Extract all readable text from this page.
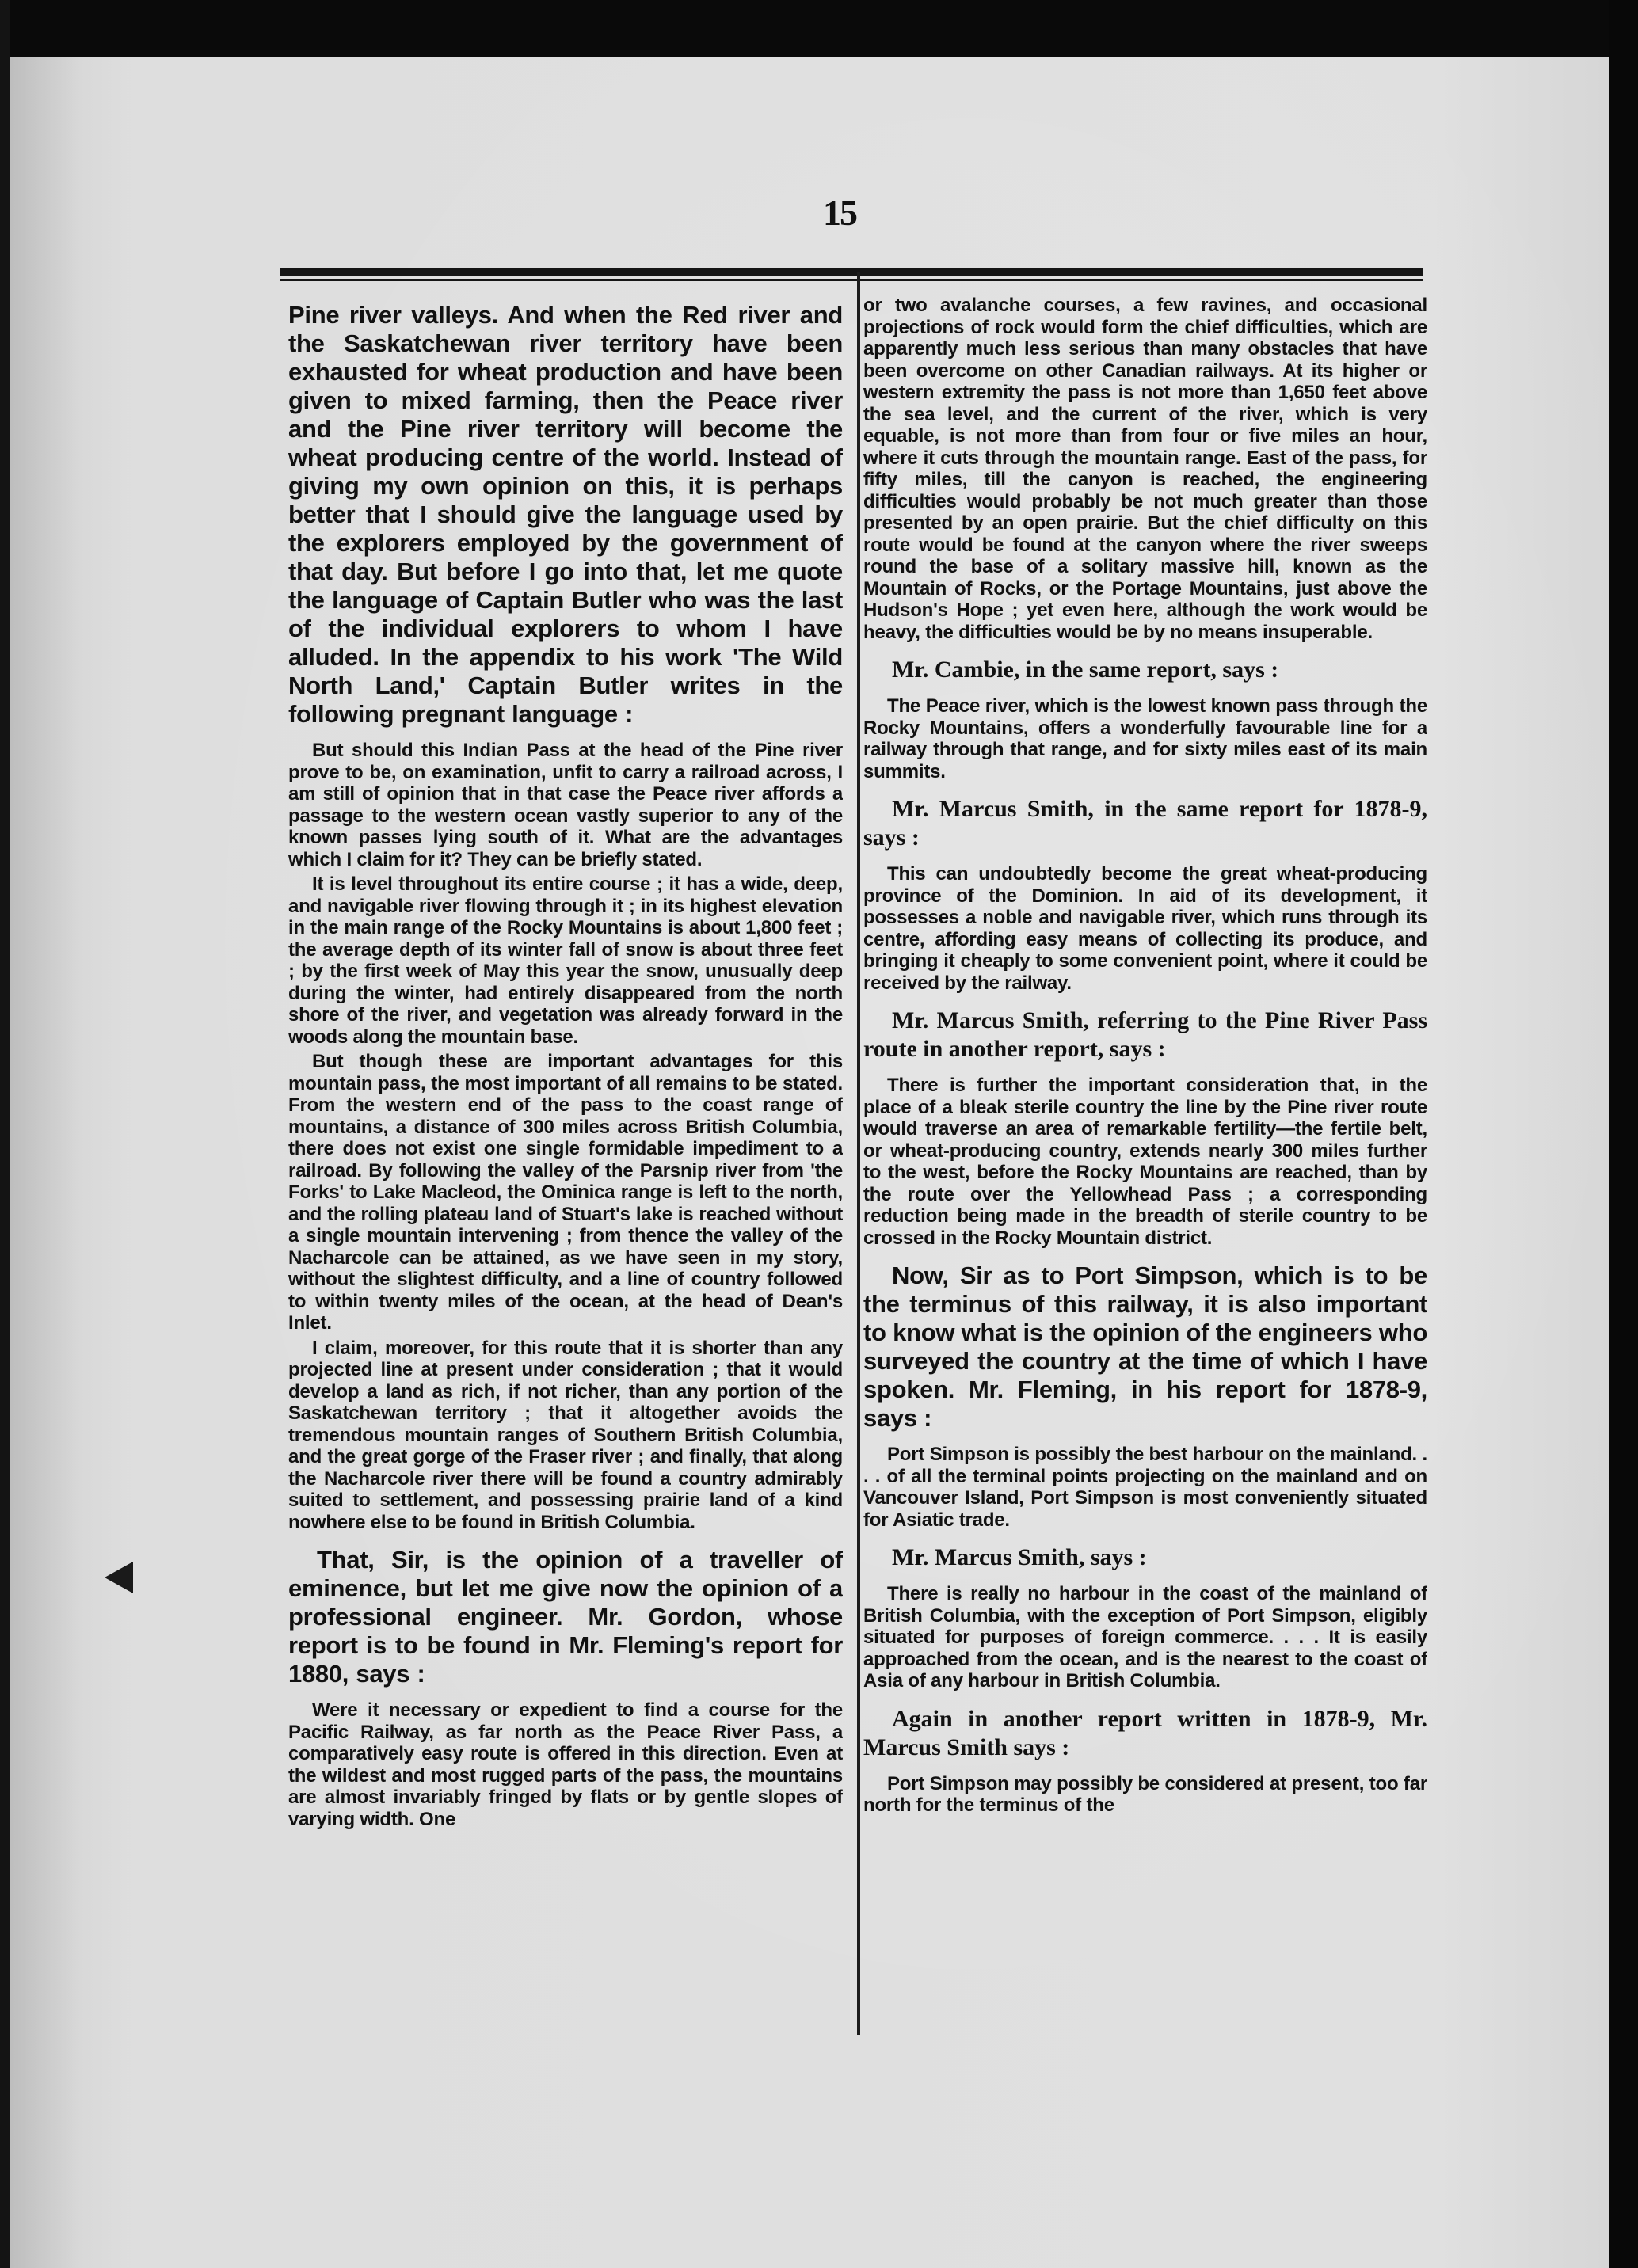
15

Pine river valleys. And when the Red river and the Saskatchewan river territory have been exhausted for wheat production and have been given to mixed farming, then the Peace river and the Pine river territory will become the wheat producing centre of the world. Instead of giving my own opinion on this, it is perhaps better that I should give the language used by the explorers employed by the government of that day. But before I go into that, let me quote the language of Captain Butler who was the last of the individual explorers to whom I have alluded. In the appendix to his work 'The Wild North Land,' Captain Butler writes in the following pregnant language :

But should this Indian Pass at the head of the Pine river prove to be, on examination, unfit to carry a railroad across, I am still of opinion that in that case the Peace river affords a passage to the western ocean vastly superior to any of the known passes lying south of it. What are the advantages which I claim for it? They can be briefly stated.

It is level throughout its entire course ; it has a wide, deep, and navigable river flowing through it ; in its highest elevation in the main range of the Rocky Mountains is about 1,800 feet ; the average depth of its winter fall of snow is about three feet ; by the first week of May this year the snow, unusually deep during the winter, had entirely disappeared from the north shore of the river, and vegetation was already forward in the woods along the mountain base.

But though these are important advantages for this mountain pass, the most important of all remains to be stated. From the western end of the pass to the coast range of mountains, a distance of 300 miles across British Columbia, there does not exist one single formidable impediment to a railroad. By following the valley of the Parsnip river from 'the Forks' to Lake Macleod, the Ominica range is left to the north, and the rolling plateau land of Stuart's lake is reached without a single mountain intervening ; from thence the valley of the Nacharcole can be attained, as we have seen in my story, without the slightest difficulty, and a line of country followed to within twenty miles of the ocean, at the head of Dean's Inlet.

I claim, moreover, for this route that it is shorter than any projected line at present under consideration ; that it would develop a land as rich, if not richer, than any portion of the Saskatchewan territory ; that it altogether avoids the tremendous mountain ranges of Southern British Columbia, and the great gorge of the Fraser river ; and finally, that along the Nacharcole river there will be found a country admirably suited to settlement, and possessing prairie land of a kind nowhere else to be found in British Columbia.

That, Sir, is the opinion of a traveller of eminence, but let me give now the opinion of a professional engineer. Mr. Gordon, whose report is to be found in Mr. Fleming's report for 1880, says :

Were it necessary or expedient to find a course for the Pacific Railway, as far north as the Peace River Pass, a comparatively easy route is offered in this direction. Even at the wildest and most rugged parts of the pass, the mountains are almost invariably fringed by flats or by gentle slopes of varying width. One

or two avalanche courses, a few ravines, and occasional projections of rock would form the chief difficulties, which are apparently much less serious than many obstacles that have been overcome on other Canadian railways. At its higher or western extremity the pass is not more than 1,650 feet above the sea level, and the current of the river, which is very equable, is not more than from four or five miles an hour, where it cuts through the mountain range. East of the pass, for fifty miles, till the canyon is reached, the engineering difficulties would probably be not much greater than those presented by an open prairie. But the chief difficulty on this route would be found at the canyon where the river sweeps round the base of a solitary massive hill, known as the Mountain of Rocks, or the Portage Mountains, just above the Hudson's Hope ; yet even here, although the work would be heavy, the difficulties would be by no means insuperable.

Mr. Cambie, in the same report, says :

The Peace river, which is the lowest known pass through the Rocky Mountains, offers a wonderfully favourable line for a railway through that range, and for sixty miles east of its main summits.

Mr. Marcus Smith, in the same report for 1878-9, says :

This can undoubtedly become the great wheat-producing province of the Dominion. In aid of its development, it possesses a noble and navigable river, which runs through its centre, affording easy means of collecting its produce, and bringing it cheaply to some convenient point, where it could be received by the railway.

Mr. Marcus Smith, referring to the Pine River Pass route in another report, says :

There is further the important consideration that, in the place of a bleak sterile country the line by the Pine river route would traverse an area of remarkable fertility—the fertile belt, or wheat-producing country, extends nearly 300 miles further to the west, before the Rocky Mountains are reached, than by the route over the Yellowhead Pass ; a corresponding reduction being made in the breadth of sterile country to be crossed in the Rocky Mountain district.

Now, Sir as to Port Simpson, which is to be the terminus of this railway, it is also important to know what is the opinion of the engineers who surveyed the country at the time of which I have spoken. Mr. Fleming, in his report for 1878-9, says :

Port Simpson is possibly the best harbour on the mainland. . . . of all the terminal points projecting on the mainland and on Vancouver Island, Port Simpson is most conveniently situated for Asiatic trade.

Mr. Marcus Smith, says :

There is really no harbour in the coast of the mainland of British Columbia, with the exception of Port Simpson, eligibly situated for purposes of foreign commerce. . . . It is easily approached from the ocean, and is the nearest to the coast of Asia of any harbour in British Columbia.

Again in another report written in 1878-9, Mr. Marcus Smith says :

Port Simpson may possibly be considered at present, too far north for the terminus of the
